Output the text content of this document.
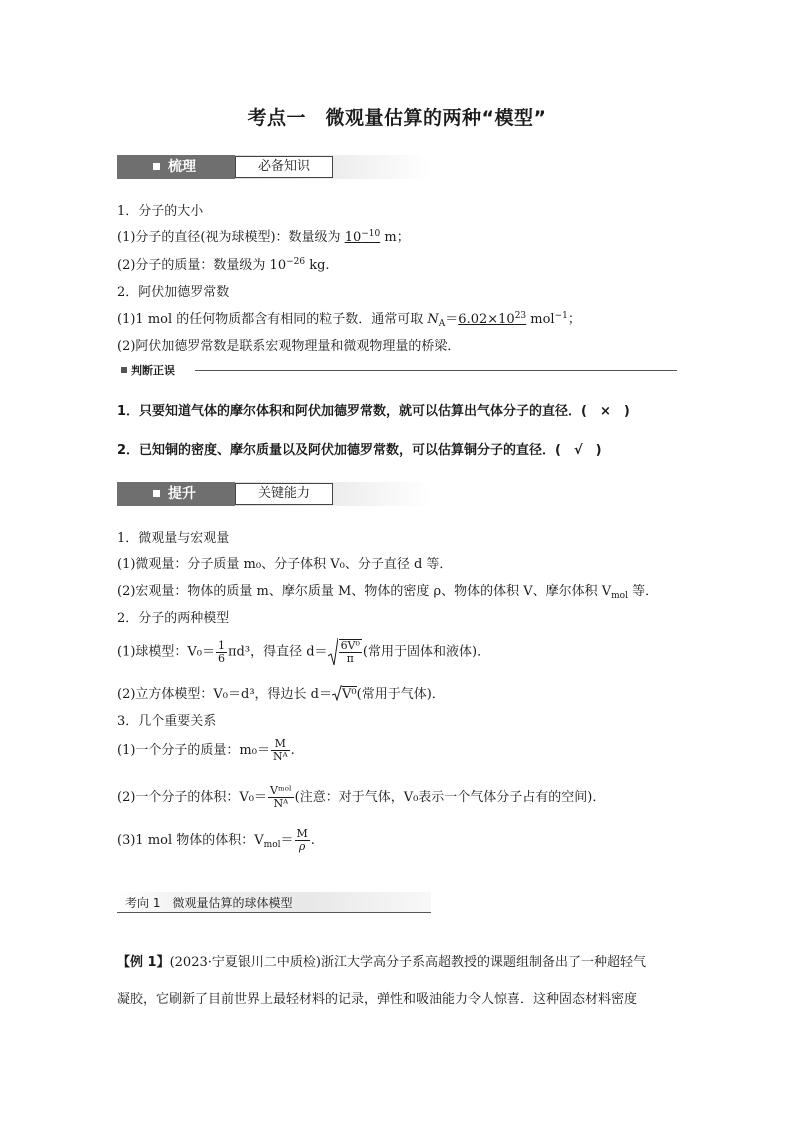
考点一　微观量估算的两种“模型”
梳理	必备知识
1．分子的大小
(1)分子的直径(视为球模型)：数量级为 $10^{-10}$ m；
(2)分子的质量：数量级为 $10^{-26}$ kg.
2．阿伏加德罗常数
(1)1 mol 的任何物质都含有相同的粒子数．通常可取 $N_A=6.02\times 10^{23}$ mol$^{-1}$；
(2)阿伏加德罗常数是联系宏观物理量和微观物理量的桥梁．
判断正误
1．只要知道气体的摩尔体积和阿伏加德罗常数，就可以估算出气体分子的直径．(　×　)
2．已知铜的密度、摩尔质量以及阿伏加德罗常数，可以估算铜分子的直径．(　√　)
提升	关键能力
1．微观量与宏观量
(1)微观量：分子质量 m₀、分子体积 V₀、分子直径 d 等．
(2)宏观量：物体的质量 m、摩尔质量 M、物体的密度 ρ、物体的体积 V、摩尔体积 $V_{mol}$ 等．
2．分子的两种模型
(1)球模型：$V_0= \frac{1}{6} \pi d^3$，得直径 $d= \frac{\text{6V⁰}}{\pi}$ (常用于固体和液体)．
(2)立方体模型：V₀＝d³，得边长 d＝ V⁰(常用于气体)．
3．几个重要关系
(1)一个分子的质量：$m_0= \frac{M}{\text{Nᴬ}}$ .
(2)一个分子的体积：$V_0= \frac{\text{Vᵐᵒˡ}}{\text{Nᴬ}}$ (注意：对于气体，V₀表示一个气体分子占有的空间)．
(3)1 mol 物体的体积：$V_{mol}= \frac{M}{\rho}$ .
考向 1　微观量估算的球体模型
【例 1】(2023·宁夏银川二中质检)浙江大学高分子系高超教授的课题组制备出了一种超轻气
凝胶，它刷新了目前世界上最轻材料的记录，弹性和吸油能力令人惊喜．这种固态材料密度
